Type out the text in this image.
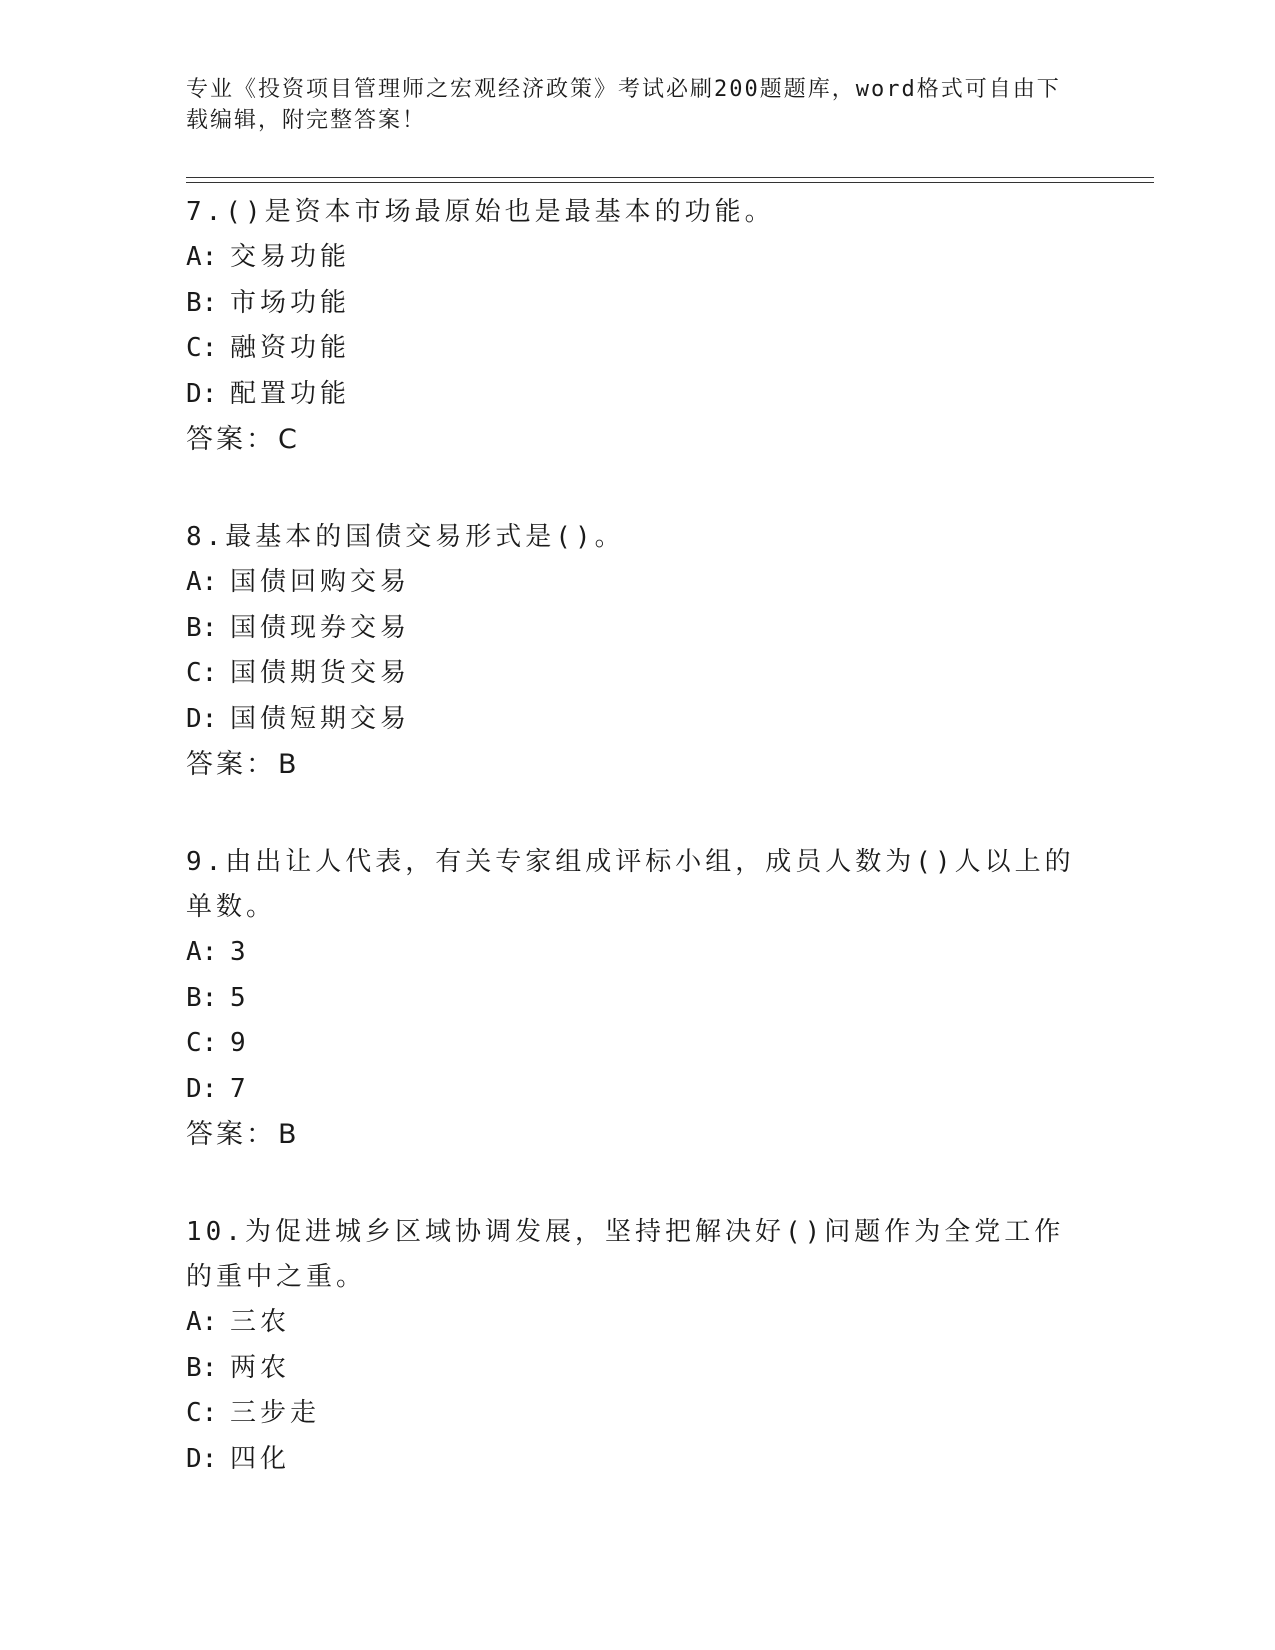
专业《投资项目管理师之宏观经济政策》考试必刷200题题库，word格式可自由下载编辑，附完整答案！
7.()是资本市场最原始也是最基本的功能。
A: 交易功能
B: 市场功能
C: 融资功能
D: 配置功能
答案：C
8.最基本的国债交易形式是()。
A: 国债回购交易
B: 国债现券交易
C: 国债期货交易
D: 国债短期交易
答案：B
9.由出让人代表，有关专家组成评标小组，成员人数为()人以上的单数。
A: 3
B: 5
C: 9
D: 7
答案：B
10.为促进城乡区域协调发展，坚持把解决好()问题作为全党工作的重中之重。
A: 三农
B: 两农
C: 三步走
D: 四化
